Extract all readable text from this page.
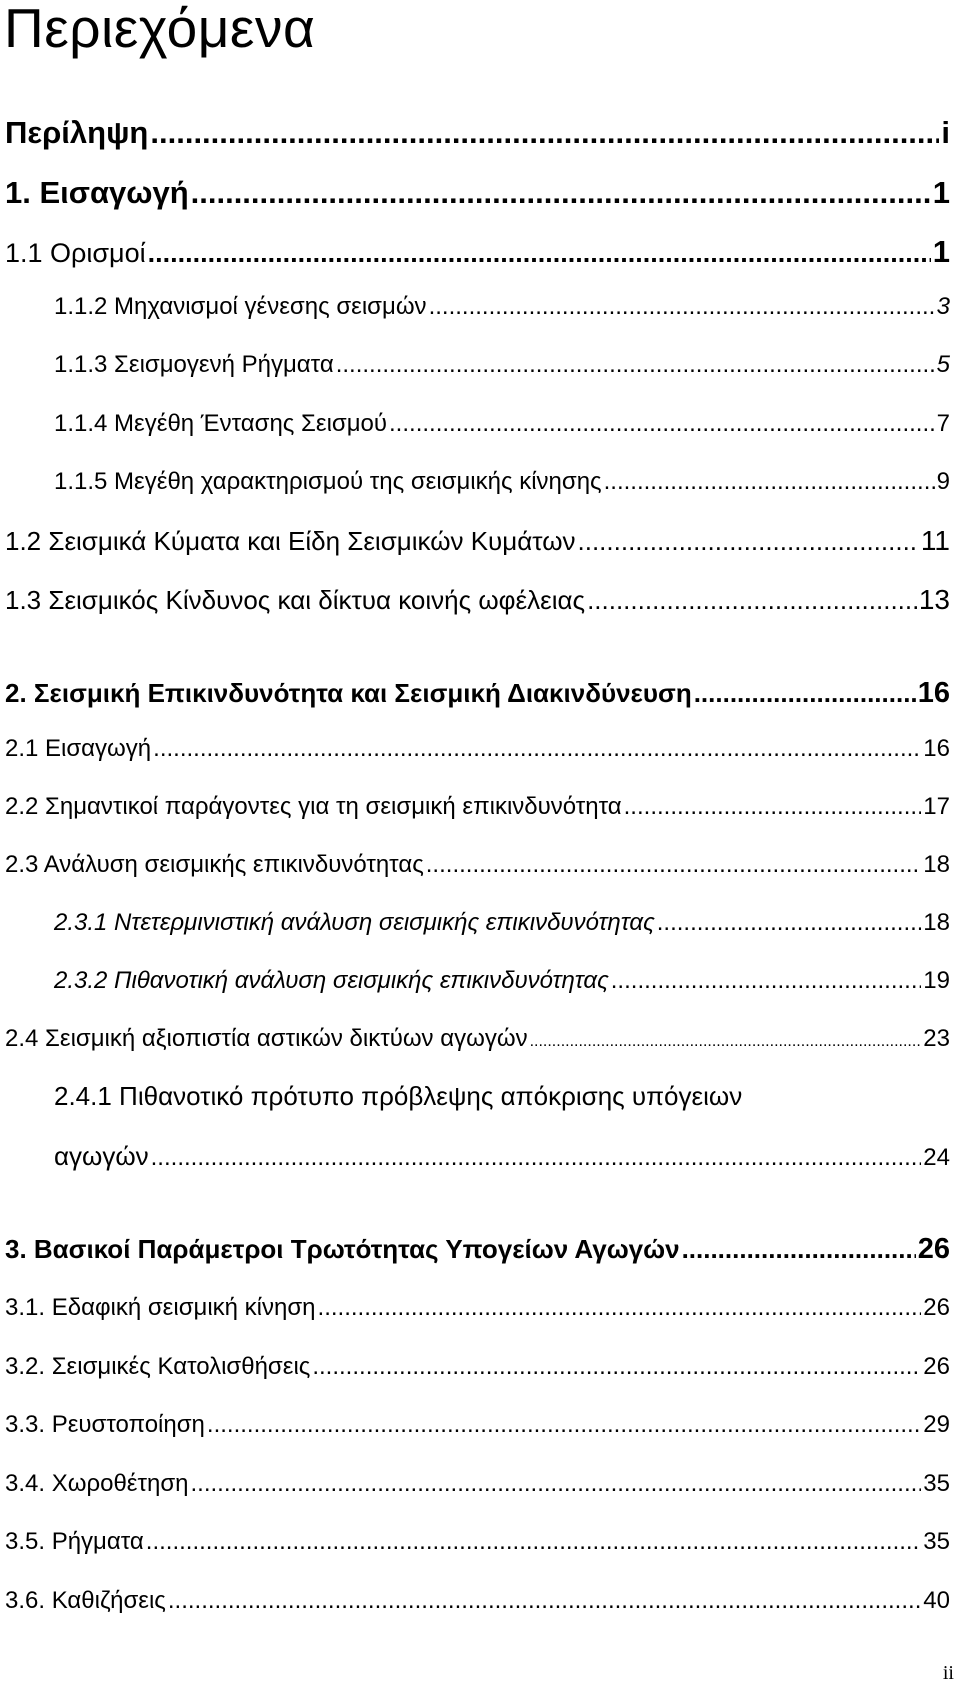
Περιεχόμενα
Περίληψη .....	i
1. Εισαγωγή .....	1
1.1 Ορισμοί .....	1
1.1.2 Μηχανισμοί γένεσης σεισμών .....	3
1.1.3 Σεισμογενή Ρήγματα .....	5
1.1.4 Μεγέθη Έντασης Σεισμού .....	7
1.1.5 Μεγέθη χαρακτηρισμού της σεισμικής κίνησης .....	9
1.2 Σεισμικά Κύματα και Είδη Σεισμικών Κυμάτων .....	11
1.3 Σεισμικός Κίνδυνος και δίκτυα κοινής ωφέλειας .....	13
2. Σεισμική Επικινδυνότητα και Σεισμική Διακινδύνευση .....	16
2.1 Εισαγωγή .....	16
2.2 Σημαντικοί παράγοντες για τη σεισμική επικινδυνότητα .....	17
2.3 Ανάλυση σεισμικής επικινδυνότητας .....	18
2.3.1 Ντετερμινιστική ανάλυση σεισμικής επικινδυνότητας .....	18
2.3.2 Πιθανοτική ανάλυση σεισμικής επικινδυνότητας .....	19
2.4 Σεισμική αξιοπιστία αστικών δικτύων αγωγών .....	23
2.4.1 Πιθανοτικό πρότυπο πρόβλεψης απόκρισης υπόγειων
αγωγών .....	24
3. Βασικοί Παράμετροι Τρωτότητας Υπογείων Αγωγών .....	26
3.1. Εδαφική σεισμική κίνηση .....	26
3.2. Σεισμικές Κατολισθήσεις .....	26
3.3. Ρευστοποίηση .....	29
3.4. Χωροθέτηση .....	35
3.5. Ρήγματα .....	35
3.6. Καθιζήσεις .....	40
ii
